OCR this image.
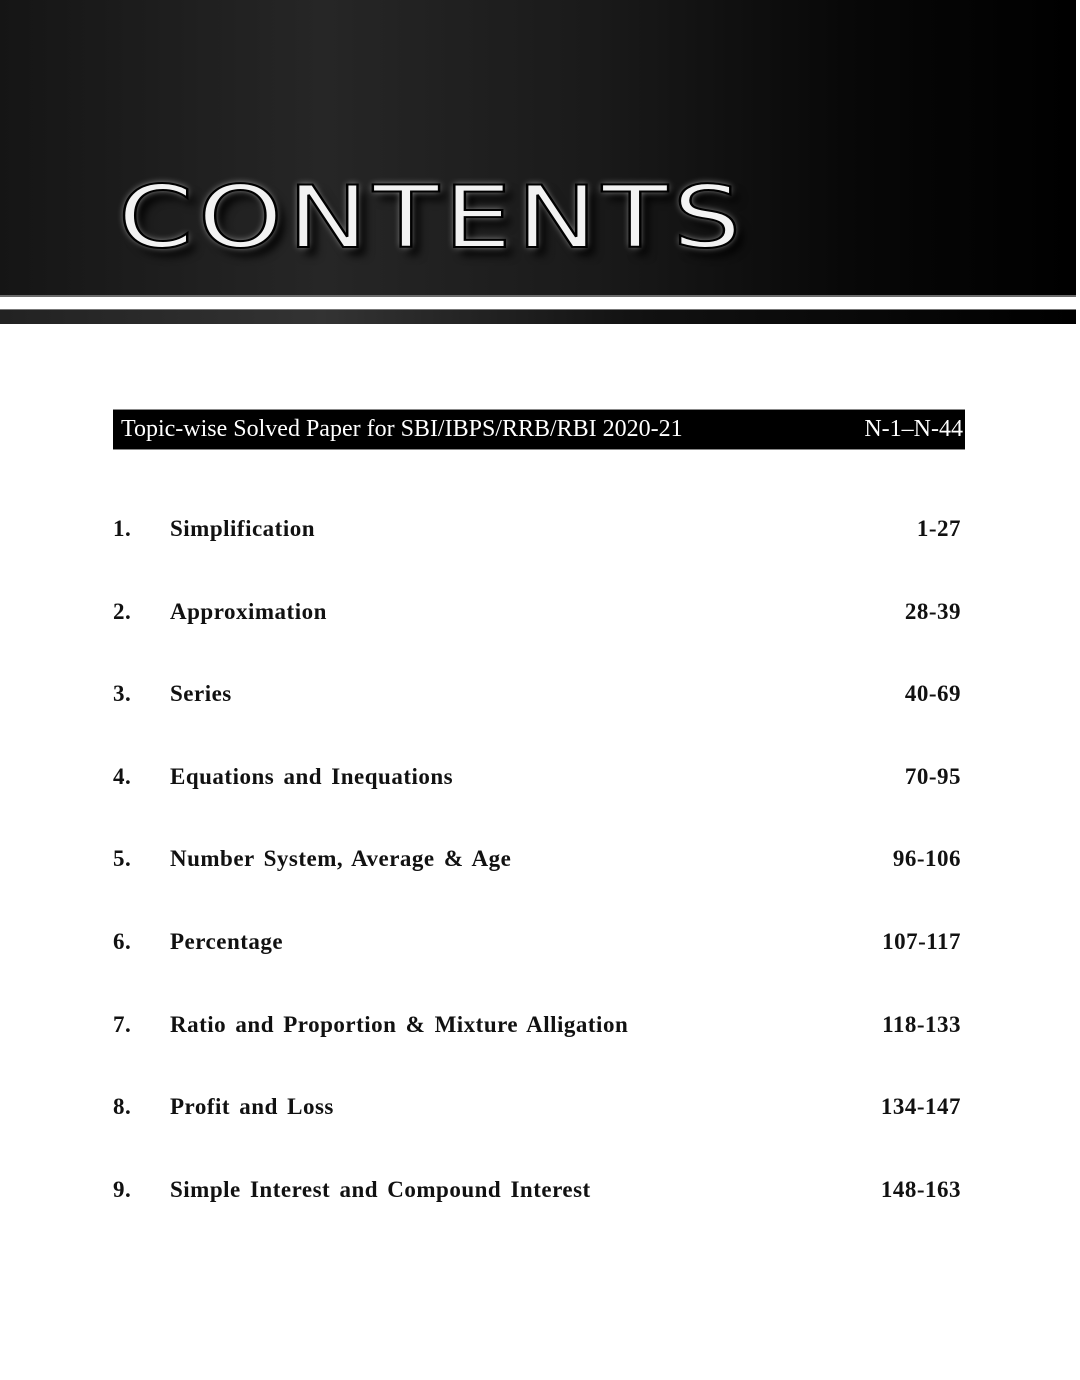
CONTENTS
Topic-wise Solved Paper for SBI/IBPS/RRB/RBI 2020-21	N-1–N-44
1.	Simplification	1-27
2.	Approximation	28-39
3.	Series	40-69
4.	Equations and Inequations	70-95
5.	Number System, Average & Age	96-106
6.	Percentage	107-117
7.	Ratio and Proportion & Mixture Alligation	118-133
8.	Profit and Loss	134-147
9.	Simple Interest and Compound Interest	148-163
